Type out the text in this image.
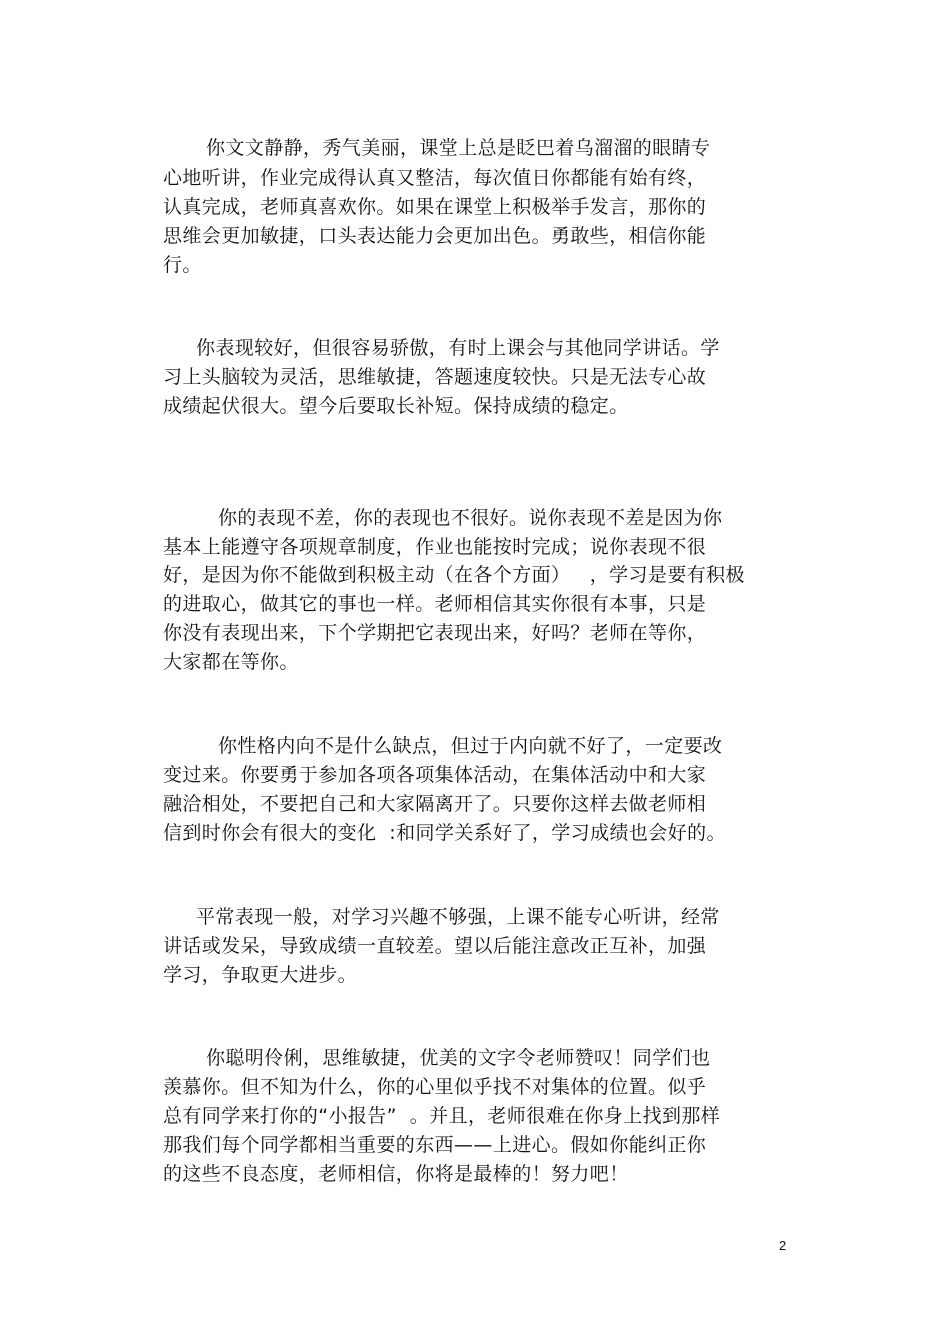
你文文静静，秀气美丽，课堂上总是眨巴着乌溜溜的眼睛专
心地听讲，作业完成得认真又整洁，每次值日你都能有始有终，
认真完成，老师真喜欢你。如果在课堂上积极举手发言，那你的
思维会更加敏捷，口头表达能力会更加出色。勇敢些，相信你能
行。
你表现较好，但很容易骄傲，有时上课会与其他同学讲话。学
习上头脑较为灵活，思维敏捷，答题速度较快。只是无法专心故
成绩起伏很大。望今后要取长补短。保持成绩的稳定。
你的表现不差，你的表现也不很好。说你表现不差是因为你
基本上能遵守各项规章制度，作业也能按时完成；说你表现不很
好，是因为你不能做到积极主动（在各个方面）   ，学习是要有积极
的进取心，做其它的事也一样。老师相信其实你很有本事，只是
你没有表现出来，下个学期把它表现出来，好吗？老师在等你，
大家都在等你。
你性格内向不是什么缺点，但过于内向就不好了，一定要改
变过来。你要勇于参加各项各项集体活动，在集体活动中和大家
融洽相处，不要把自己和大家隔离开了。只要你这样去做老师相
信到时你会有很大的变化  :和同学关系好了，学习成绩也会好的。
平常表现一般，对学习兴趣不够强，上课不能专心听讲，经常
讲话或发呆，导致成绩一直较差。望以后能注意改正互补，加强
学习，争取更大进步。
你聪明伶俐，思维敏捷，优美的文字令老师赞叹！同学们也
羡慕你。但不知为什么，你的心里似乎找不对集体的位置。似乎
总有同学来打你的“小报告”  。并且，老师很难在你身上找到那样
那我们每个同学都相当重要的东西——上进心。假如你能纠正你
的这些不良态度，老师相信，你将是最棒的！努力吧！
2
